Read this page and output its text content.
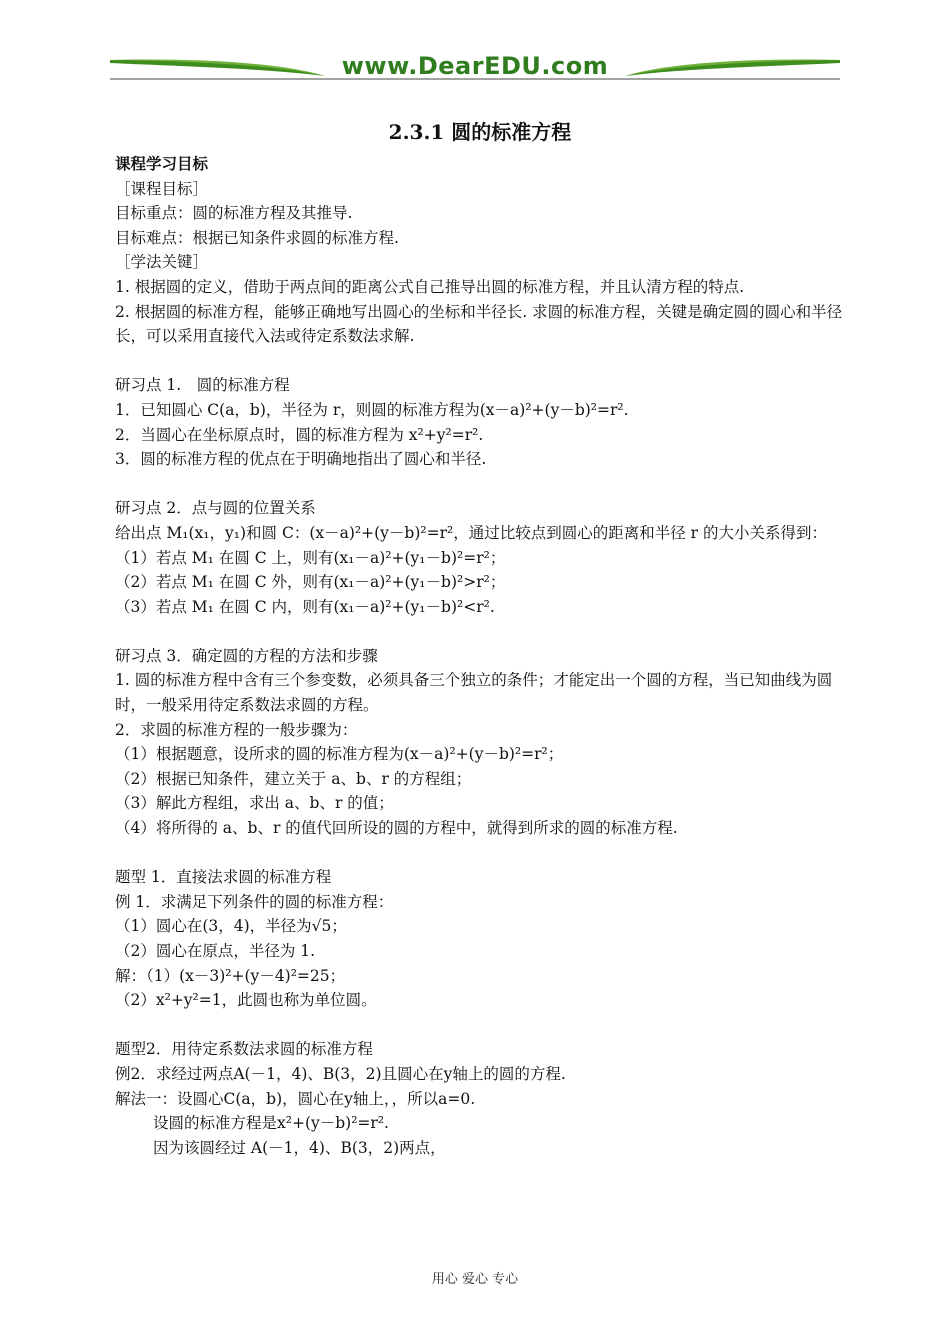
www.DearEDU.com
2.3.1 圆的标准方程
课程学习目标
［课程目标］
目标重点：圆的标准方程及其推导.
目标难点：根据已知条件求圆的标准方程.
［学法关键］
1. 根据圆的定义，借助于两点间的距离公式自己推导出圆的标准方程，并且认清方程的特点.
2. 根据圆的标准方程，能够正确地写出圆心的坐标和半径长. 求圆的标准方程，关键是确定圆的圆心和半径长，可以采用直接代入法或待定系数法求解.
研习点 1.　圆的标准方程
1．已知圆心 C(a，b)，半径为 r，则圆的标准方程为(x－a)²+(y－b)²=r².
2．当圆心在坐标原点时，圆的标准方程为 x²+y²=r².
3．圆的标准方程的优点在于明确地指出了圆心和半径.
研习点 2．点与圆的位置关系
给出点 M₁(x₁，y₁)和圆 C：(x－a)²+(y－b)²=r²，通过比较点到圆心的距离和半径 r 的大小关系得到：
（1）若点 M₁ 在圆 C 上，则有(x₁－a)²+(y₁－b)²=r²；
（2）若点 M₁ 在圆 C 外，则有(x₁－a)²+(y₁－b)²>r²；
（3）若点 M₁ 在圆 C 内，则有(x₁－a)²+(y₁－b)²<r².
研习点 3．确定圆的方程的方法和步骤
1. 圆的标准方程中含有三个参变数，必须具备三个独立的条件；才能定出一个圆的方程，当已知曲线为圆时，一般采用待定系数法求圆的方程。
2．求圆的标准方程的一般步骤为：
（1）根据题意，设所求的圆的标准方程为(x－a)²+(y－b)²=r²；
（2）根据已知条件，建立关于 a、b、r 的方程组；
（3）解此方程组，求出 a、b、r 的值；
（4）将所得的 a、b、r 的值代回所设的圆的方程中，就得到所求的圆的标准方程.
题型 1．直接法求圆的标准方程
例 1．求满足下列条件的圆的标准方程：
（1）圆心在(3，4)，半径为√5；
（2）圆心在原点，半径为 1.
解：（1）(x－3)²+(y－4)²=25；
（2）x²+y²=1，此圆也称为单位圆。
题型2．用待定系数法求圆的标准方程
例2．求经过两点A(－1，4)、B(3，2)且圆心在y轴上的圆的方程.
解法一：设圆心C(a，b)，圆心在y轴上，，所以a=0.
设圆的标准方程是x²+(y－b)²=r².
因为该圆经过 A(－1，4)、B(3，2)两点，
用心 爱心 专心
